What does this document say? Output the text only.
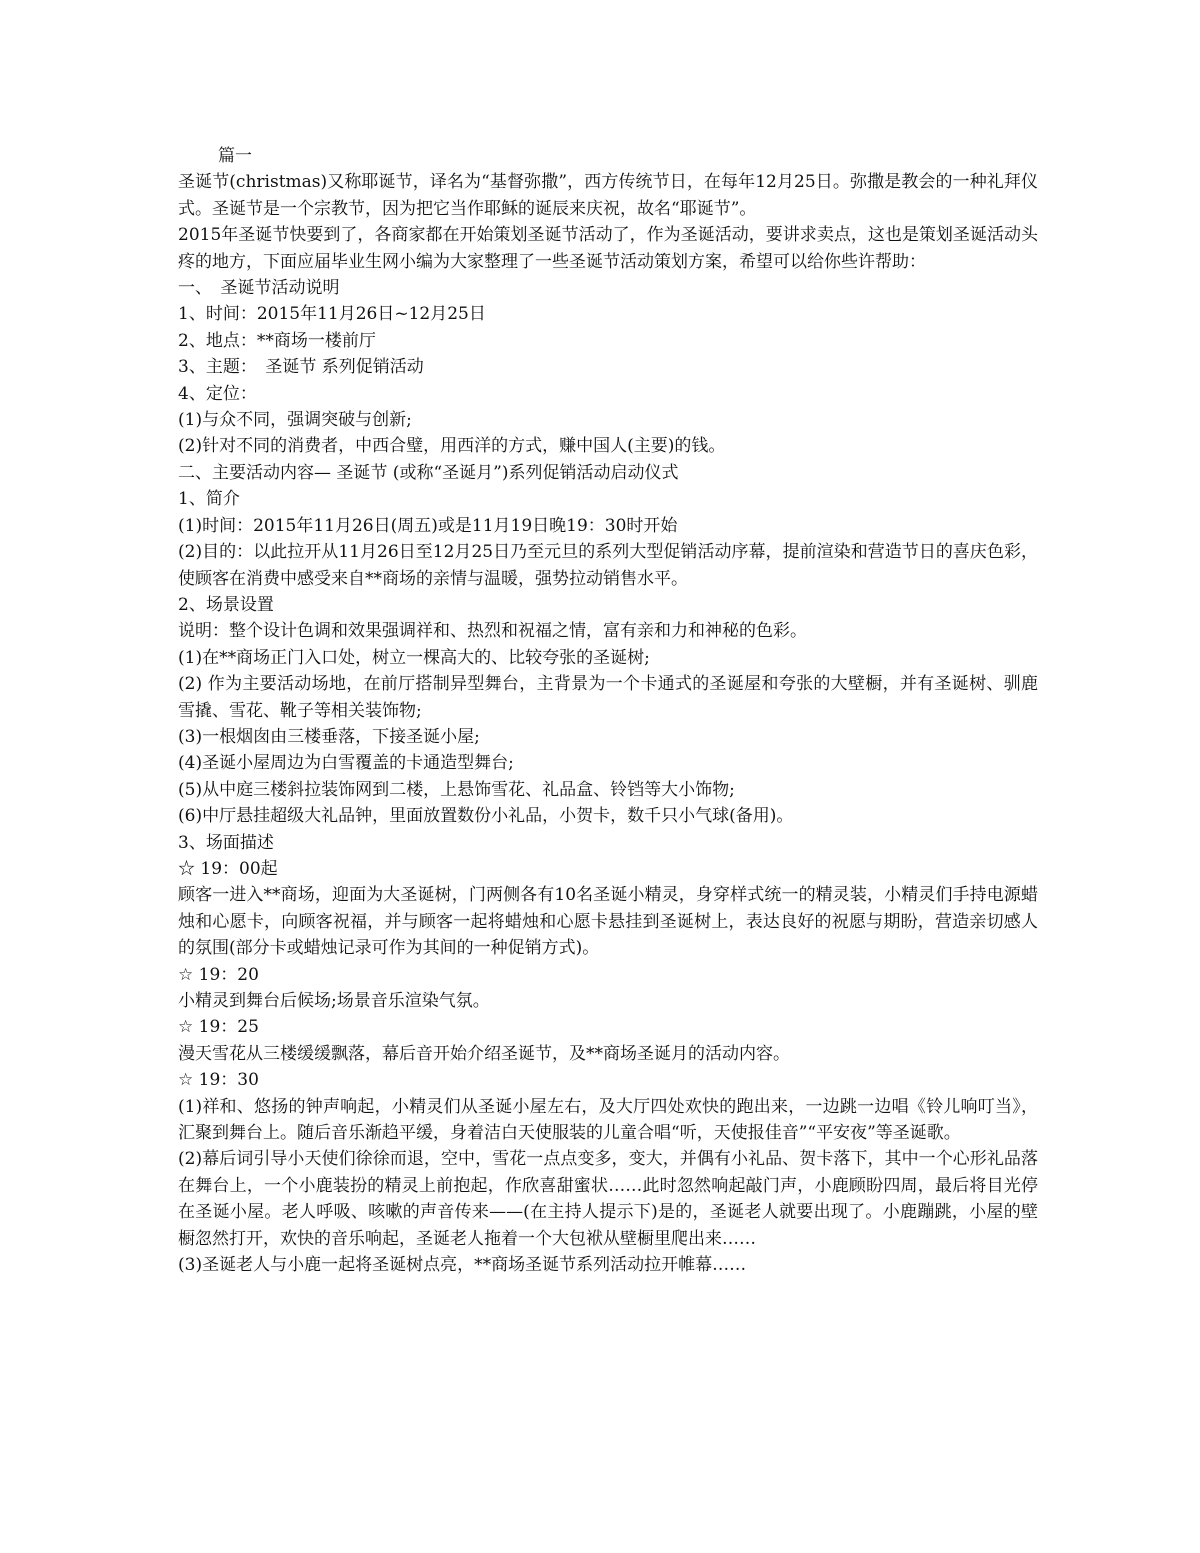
篇一

圣诞节(christmas)又称耶诞节，译名为“基督弥撒”，西方传统节日，在每年12月25日。弥撒是教会的一种礼拜仪式。圣诞节是一个宗教节，因为把它当作耶稣的诞辰来庆祝，故名“耶诞节”。

2015年圣诞节快要到了，各商家都在开始策划圣诞节活动了，作为圣诞活动，要讲求卖点，这也是策划圣诞活动头疼的地方，下面应届毕业生网小编为大家整理了一些圣诞节活动策划方案，希望可以给你些许帮助：

一、　圣诞节活动说明

1、时间：2015年11月26日~12月25日

2、地点：**商场一楼前厅

3、主题：　圣诞节 系列促销活动

4、定位：

(1)与众不同，强调突破与创新;

(2)针对不同的消费者，中西合璧，用西洋的方式，赚中国人(主要)的钱。

二、主要活动内容— 圣诞节 (或称“圣诞月”)系列促销活动启动仪式

1、简介

(1)时间：2015年11月26日(周五)或是11月19日晚19：30时开始

(2)目的：以此拉开从11月26日至12月25日乃至元旦的系列大型促销活动序幕，提前渲染和营造节日的喜庆色彩，使顾客在消费中感受来自**商场的亲情与温暖，强势拉动销售水平。

2、场景设置

说明：整个设计色调和效果强调祥和、热烈和祝福之情，富有亲和力和神秘的色彩。

(1)在**商场正门入口处，树立一棵高大的、比较夸张的圣诞树;

(2) 作为主要活动场地，在前厅搭制异型舞台，主背景为一个卡通式的圣诞屋和夸张的大壁橱，并有圣诞树、驯鹿雪撬、雪花、靴子等相关装饰物;

(3)一根烟囱由三楼垂落，下接圣诞小屋;

(4)圣诞小屋周边为白雪覆盖的卡通造型舞台;

(5)从中庭三楼斜拉装饰网到二楼，上悬饰雪花、礼品盒、铃铛等大小饰物;

(6)中厅悬挂超级大礼品钟，里面放置数份小礼品，小贺卡，数千只小气球(备用)。

3、场面描述

☆ 19：00起

顾客一进入**商场，迎面为大圣诞树，门两侧各有10名圣诞小精灵，身穿样式统一的精灵装，小精灵们手持电源蜡烛和心愿卡，向顾客祝福，并与顾客一起将蜡烛和心愿卡悬挂到圣诞树上，表达良好的祝愿与期盼，营造亲切感人的氛围(部分卡或蜡烛记录可作为其间的一种促销方式)。

☆ 19：20

小精灵到舞台后候场;场景音乐渲染气氛。

☆ 19：25

漫天雪花从三楼缓缓飘落，幕后音开始介绍圣诞节，及**商场圣诞月的活动内容。

☆ 19：30

(1)祥和、悠扬的钟声响起，小精灵们从圣诞小屋左右，及大厅四处欢快的跑出来，一边跳一边唱《铃儿响叮当》，汇聚到舞台上。随后音乐渐趋平缓，身着洁白天使服装的儿童合唱“听，天使报佳音”“平安夜”等圣诞歌。

(2)幕后词引导小天使们徐徐而退，空中，雪花一点点变多，变大，并偶有小礼品、贺卡落下，其中一个心形礼品落在舞台上，一个小鹿装扮的精灵上前抱起，作欣喜甜蜜状……此时忽然响起敲门声，小鹿顾盼四周，最后将目光停在圣诞小屋。老人呼吸、咳嗽的声音传来——(在主持人提示下)是的，圣诞老人就要出现了。小鹿蹦跳，小屋的壁橱忽然打开，欢快的音乐响起，圣诞老人拖着一个大包袱从壁橱里爬出来……

(3)圣诞老人与小鹿一起将圣诞树点亮，**商场圣诞节系列活动拉开帷幕……
